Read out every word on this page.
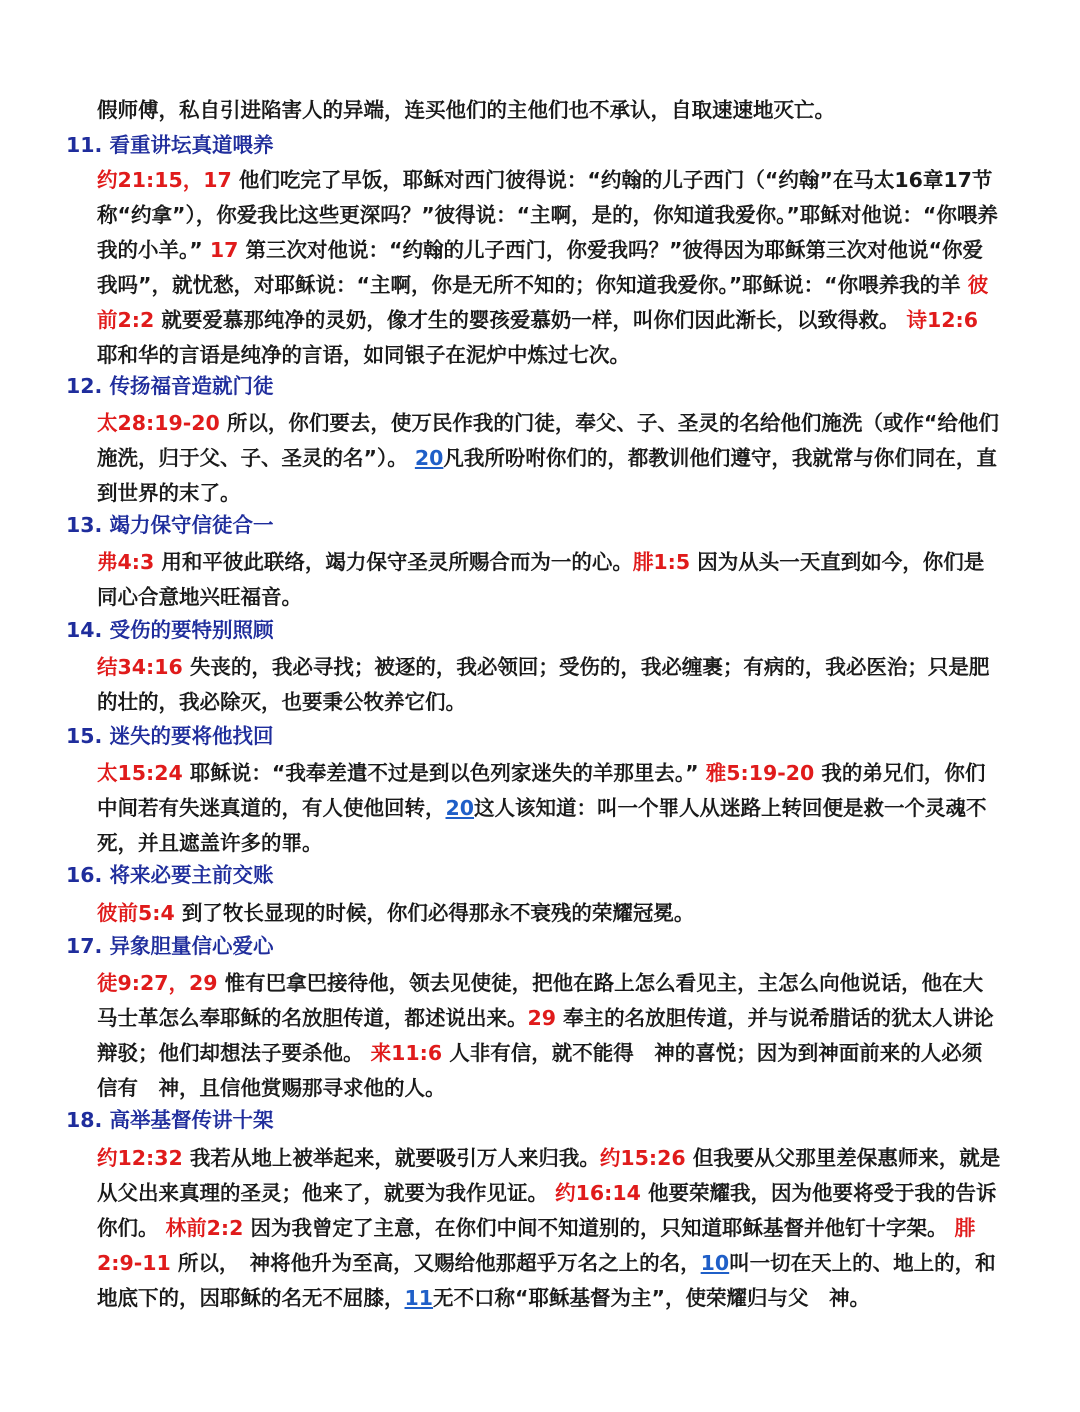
假师傅，私自引进陷害人的异端，连买他们的主他们也不承认，自取速速地灭亡。

11. 看重讲坛真道喂养

约21:15，17 他们吃完了早饭，耶稣对西门彼得说：“约翰的儿子西门（“约翰”在马太16章17节称“约拿”），你爱我比这些更深吗？”彼得说：“主啊，是的，你知道我爱你。”耶稣对他说：“你喂养我的小羊。” 17 第三次对他说：“约翰的儿子西门，你爱我吗？”彼得因为耶稣第三次对他说“你爱我吗”，就忧愁，对耶稣说：“主啊，你是无所不知的；你知道我爱你。”耶稣说：“你喂养我的羊 彼前2:2 就要爱慕那纯净的灵奶，像才生的婴孩爱慕奶一样，叫你们因此渐长，以致得救。 诗12:6 耶和华的言语是纯净的言语，如同银子在泥炉中炼过七次。

12. 传扬福音造就门徒

太28:19-20 所以，你们要去，使万民作我的门徒，奉父、子、圣灵的名给他们施洗（或作“给他们施洗，归于父、子、圣灵的名”）。 20凡我所吩咐你们的，都教训他们遵守，我就常与你们同在，直到世界的末了。

13. 竭力保守信徒合一

弗4:3 用和平彼此联络，竭力保守圣灵所赐合而为一的心。腓1:5 因为从头一天直到如今，你们是同心合意地兴旺福音。

14. 受伤的要特别照顾

结34:16 失丧的，我必寻找；被逐的，我必领回；受伤的，我必缠裹；有病的，我必医治；只是肥的壮的，我必除灭，也要秉公牧养它们。

15. 迷失的要将他找回

太15:24 耶稣说：“我奉差遣不过是到以色列家迷失的羊那里去。” 雅5:19-20 我的弟兄们，你们中间若有失迷真道的，有人使他回转，20这人该知道：叫一个罪人从迷路上转回便是救一个灵魂不死，并且遮盖许多的罪。

16. 将来必要主前交账

彼前5:4 到了牧长显现的时候，你们必得那永不衰残的荣耀冠冕。

17. 异象胆量信心爱心

徒9:27，29 惟有巴拿巴接待他，领去见使徒，把他在路上怎么看见主，主怎么向他说话，他在大马士革怎么奉耶稣的名放胆传道，都述说出来。29 奉主的名放胆传道，并与说希腊话的犹太人讲论辩驳；他们却想法子要杀他。 来11:6 人非有信，就不能得　神的喜悦；因为到神面前来的人必须信有　神，且信他赏赐那寻求他的人。

18. 高举基督传讲十架

约12:32 我若从地上被举起来，就要吸引万人来归我。约15:26 但我要从父那里差保惠师来，就是从父出来真理的圣灵；他来了，就要为我作见证。 约16:14 他要荣耀我，因为他要将受于我的告诉你们。 林前2:2 因为我曾定了主意，在你们中间不知道别的，只知道耶稣基督并他钉十字架。 腓2:9-11 所以，　神将他升为至高，又赐给他那超乎万名之上的名，10叫一切在天上的、地上的，和地底下的，因耶稣的名无不屈膝，11无不口称“耶稣基督为主”，使荣耀归与父　神。
